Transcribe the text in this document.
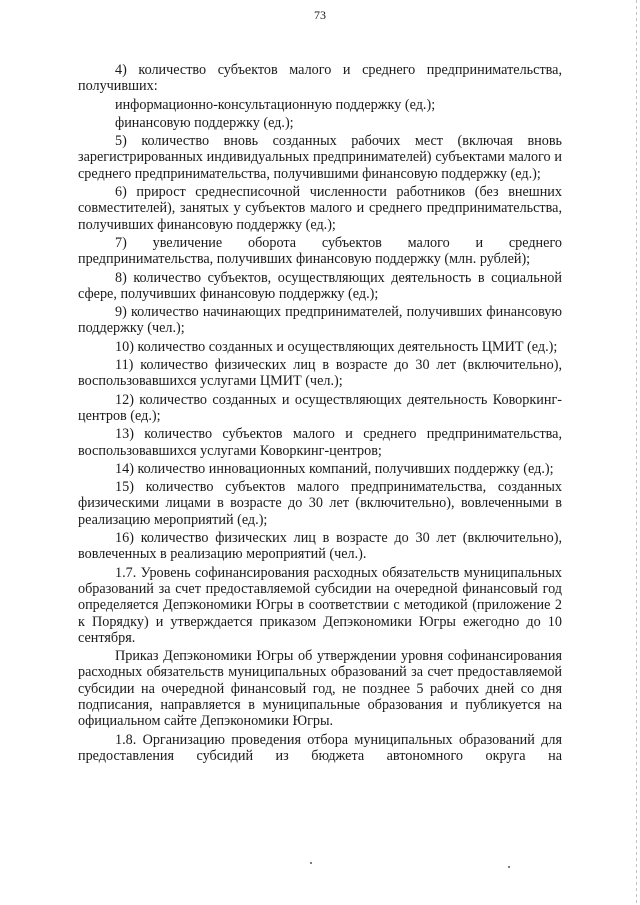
73

4) количество субъектов малого и среднего предпринимательства, получивших:

информационно-консультационную поддержку (ед.);

финансовую поддержку (ед.);

5) количество вновь созданных рабочих мест (включая вновь зарегистрированных индивидуальных предпринимателей) субъектами малого и среднего предпринимательства, получившими финансовую поддержку (ед.);

6) прирост среднесписочной численности работников (без внешних совместителей), занятых у субъектов малого и среднего предпринимательства, получивших финансовую поддержку (ед.);

7) увеличение оборота субъектов малого и среднего предпринимательства, получивших финансовую поддержку (млн. рублей);

8) количество субъектов, осуществляющих деятельность в социальной сфере, получивших финансовую поддержку (ед.);

9) количество начинающих предпринимателей, получивших финансовую поддержку (чел.);

10) количество созданных и осуществляющих деятельность ЦМИТ (ед.);

11) количество физических лиц в возрасте до 30 лет (включительно), воспользовавшихся услугами ЦМИТ (чел.);

12) количество созданных и осуществляющих деятельность Коворкинг-центров (ед.);

13) количество субъектов малого и среднего предпринимательства, воспользовавшихся услугами Коворкинг-центров;

14) количество инновационных компаний, получивших поддержку (ед.);

15) количество субъектов малого предпринимательства, созданных физическими лицами в возрасте до 30 лет (включительно), вовлеченными в реализацию мероприятий (ед.);

16) количество физических лиц в возрасте до 30 лет (включительно), вовлеченных в реализацию мероприятий (чел.).

1.7. Уровень софинансирования расходных обязательств муниципальных образований за счет предоставляемой субсидии на очередной финансовый год определяется Депэкономики Югры в соответствии с методикой (приложение 2 к Порядку) и утверждается приказом Депэкономики Югры ежегодно до 10 сентября.

Приказ Депэкономики Югры об утверждении уровня софинансирования расходных обязательств муниципальных образований за счет предоставляемой субсидии на очередной финансовый год, не позднее 5 рабочих дней со дня подписания, направляется в муниципальные образования и публикуется на официальном сайте Депэкономики Югры.

1.8. Организацию проведения отбора муниципальных образований для предоставления субсидий из бюджета автономного округа на
